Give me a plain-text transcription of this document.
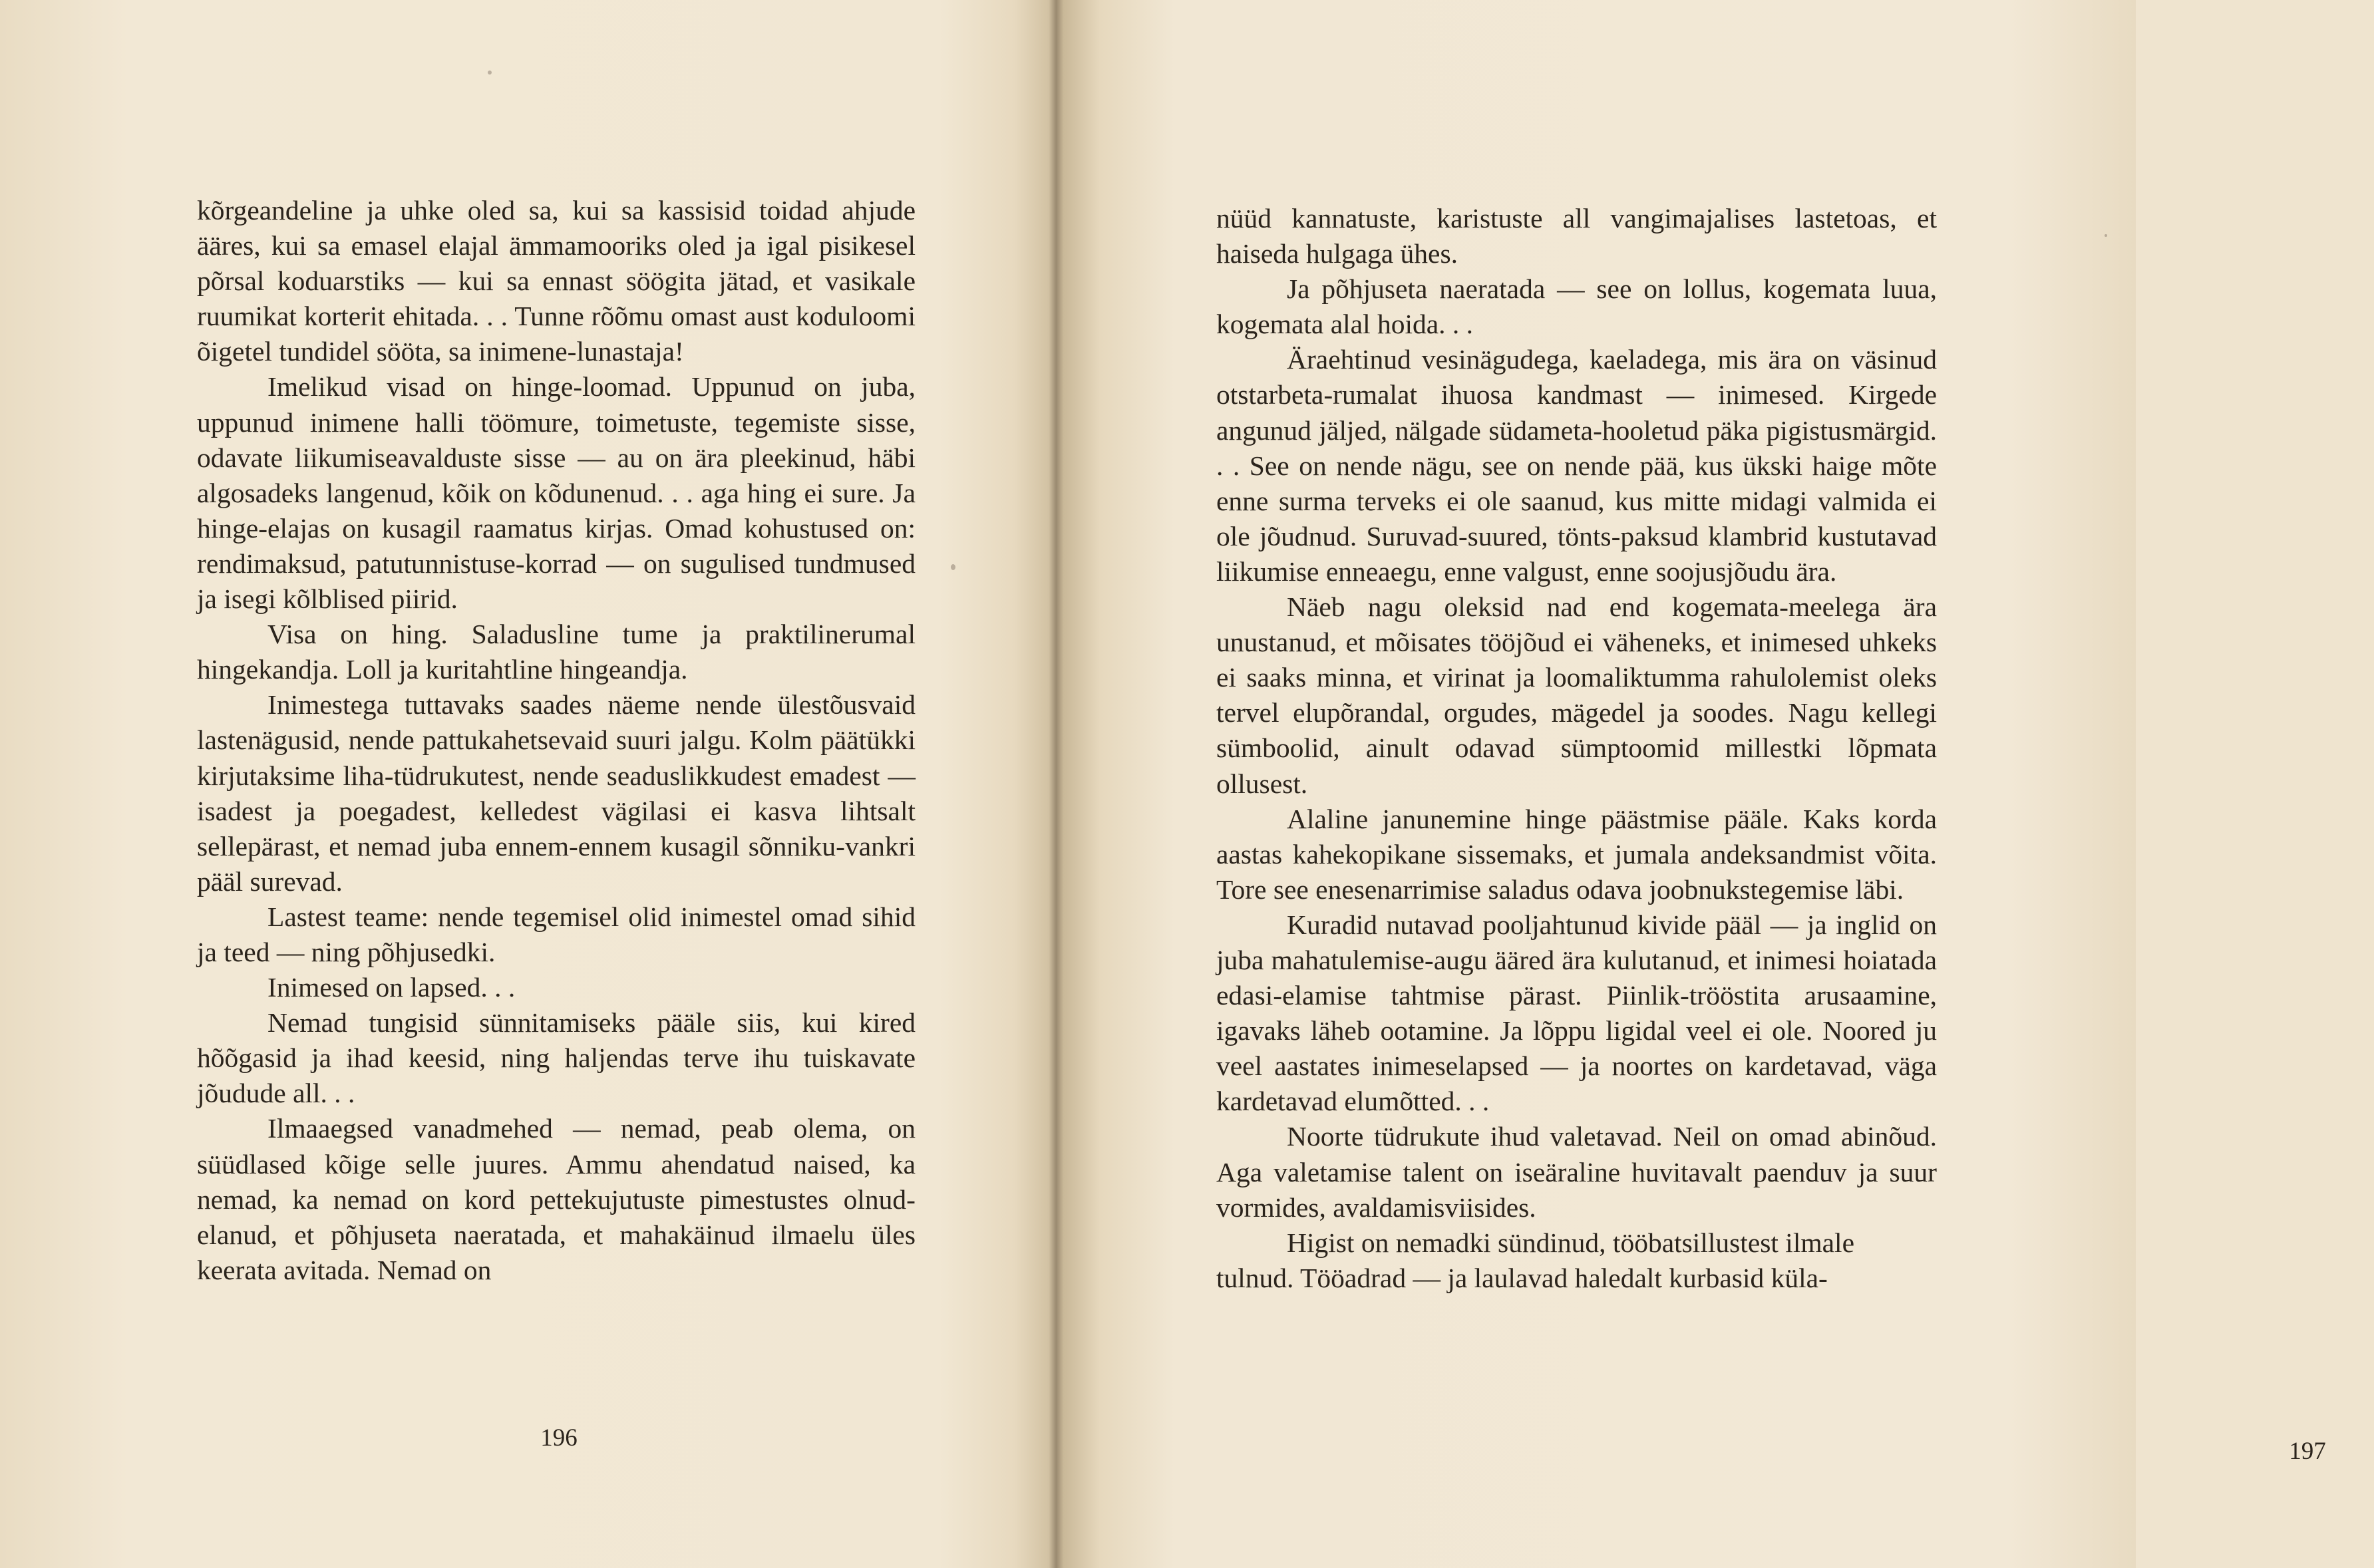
kõrgeandeline ja uhke oled sa, kui sa kassisid toidad ahjude ääres, kui sa emasel elajal ämmamooriks oled ja igal pisikesel põrsal koduarstiks — kui sa ennast söögita jätad, et vasikale ruumikat korterit ehitada. . . Tunne rõõmu omast aust koduloomi õigetel tundidel sööta, sa inimene-lunastaja!

Imelikud visad on hinge-loomad. Uppunud on juba, uppunud inimene halli töömure, toimetuste, tegemiste sisse, odavate liikumiseavalduste sisse — au on ära pleekinud, häbi algosadeks langenud, kõik on kõdunenud. . . aga hing ei sure. Ja hinge-elajas on kusagil raamatus kirjas. Omad kohustused on: rendimaksud, patutunnistuse-korrad — on sugulised tundmused ja isegi kõlblised piirid.

Visa on hing. Saladusline tume ja praktilinerumal hingekandja. Loll ja kuritahtline hingeandja.

Inimestega tuttavaks saades näeme nende ülestõusvaid lastenägusid, nende pattukahetsevaid suuri jalgu. Kolm päätükki kirjutaksime liha-tüdrukutest, nende seaduslikkudest emadest — isadest ja poegadest, kelledest vägilasi ei kasva lihtsalt sellepärast, et nemad juba ennem-ennem kusagil sõnniku-vankri pääl surevad.

Lastest teame: nende tegemisel olid inimestel omad sihid ja teed — ning põhjusedki.

Inimesed on lapsed. . .

Nemad tungisid sünnitamiseks pääle siis, kui kired hõõgasid ja ihad keesid, ning haljendas terve ihu tuiskavate jõudude all. . .

Ilmaaegsed vanadmehed — nemad, peab olema, on süüdlased kõige selle juures. Ammu ahendatud naised, ka nemad, ka nemad on kord pettekujutuste pimestustes olnud-elanud, et põhjuseta naeratada, et mahakäinud ilmaelu üles keerata avitada. Nemad on

196

nüüd kannatuste, karistuste all vangimajalises lastetoas, et haiseda hulgaga ühes.

Ja põhjuseta naeratada — see on lollus, kogemata luua, kogemata alal hoida. . .

Äraehtinud vesinägudega, kaeladega, mis ära on väsinud otstarbeta-rumalat ihuosa kandmast — inimesed. Kirgede angunud jäljed, nälgade südameta-hooletud päka pigistusmärgid. . . See on nende nägu, see on nende pää, kus ükski haige mõte enne surma terveks ei ole saanud, kus mitte midagi valmida ei ole jõudnud. Suruvad-suured, tönts-paksud klambrid kustutavad liikumise enneaegu, enne valgust, enne soojusjõudu ära.

Näeb nagu oleksid nad end kogemata-meelega ära unustanud, et mõisates tööjõud ei väheneks, et inimesed uhkeks ei saaks minna, et virinat ja loomaliktumma rahulolemist oleks tervel elupõrandal, orgudes, mägedel ja soodes. Nagu kellegi sümboolid, ainult odavad sümptoomid millestki lõpmata ollusest.

Alaline janunemine hinge päästmise pääle. Kaks korda aastas kahekopikane sissemaks, et jumala andeksandmist võita. Tore see enesenarrimise saladus odava joobnukstegemise läbi.

Kuradid nutavad pooljahtunud kivide pääl — ja inglid on juba mahatulemise-augu ääred ära kulutanud, et inimesi hoiatada edasi-elamise tahtmise pärast. Piinlik-trööstita arusaamine, igavaks läheb ootamine. Ja lõppu ligidal veel ei ole. Noored ju veel aastates inimeselapsed — ja noortes on kardetavad, väga kardetavad elumõtted. . .

Noorte tüdrukute ihud valetavad. Neil on omad abinõud. Aga valetamise talent on iseäraline huvitavalt paenduv ja suur vormides, avaldamisviisides.

Higist on nemadki sündinud, tööbatsillustest ilmale tulnud. Tööadrad — ja laulavad haledalt kurbasid küla-

197
